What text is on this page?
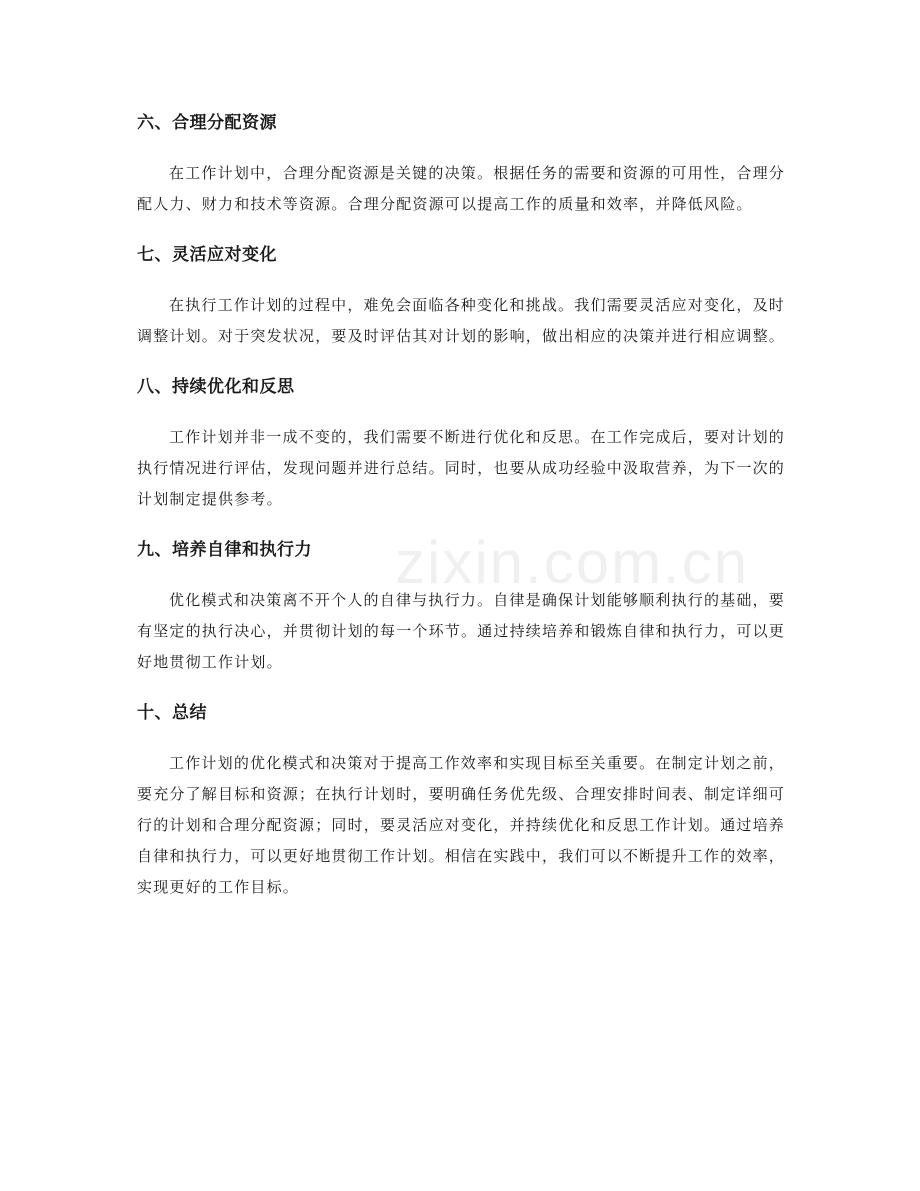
六、合理分配资源

在工作计划中，合理分配资源是关键的决策。根据任务的需要和资源的可用性，合理分配人力、财力和技术等资源。合理分配资源可以提高工作的质量和效率，并降低风险。

七、灵活应对变化

在执行工作计划的过程中，难免会面临各种变化和挑战。我们需要灵活应对变化，及时调整计划。对于突发状况，要及时评估其对计划的影响，做出相应的决策并进行相应调整。

八、持续优化和反思

工作计划并非一成不变的，我们需要不断进行优化和反思。在工作完成后，要对计划的执行情况进行评估，发现问题并进行总结。同时，也要从成功经验中汲取营养，为下一次的计划制定提供参考。

九、培养自律和执行力

优化模式和决策离不开个人的自律与执行力。自律是确保计划能够顺利执行的基础，要有坚定的执行决心，并贯彻计划的每一个环节。通过持续培养和锻炼自律和执行力，可以更好地贯彻工作计划。

十、总结

工作计划的优化模式和决策对于提高工作效率和实现目标至关重要。在制定计划之前，要充分了解目标和资源；在执行计划时，要明确任务优先级、合理安排时间表、制定详细可行的计划和合理分配资源；同时，要灵活应对变化，并持续优化和反思工作计划。通过培养自律和执行力，可以更好地贯彻工作计划。相信在实践中，我们可以不断提升工作的效率，实现更好的工作目标。

zixin.com.cn
